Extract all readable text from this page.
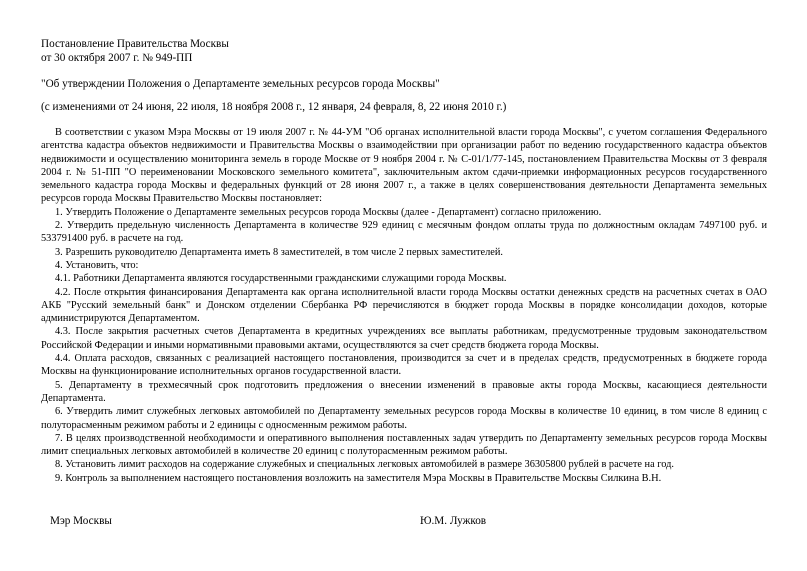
Постановление Правительства Москвы
от 30 октября 2007 г. № 949-ПП
"Об утверждении Положения о Департаменте земельных ресурсов города Москвы"
(с изменениями от 24 июня, 22 июля, 18 ноября 2008 г., 12 января, 24 февраля, 8, 22 июня 2010 г.)

В соответствии с указом Мэра Москвы от 19 июля 2007 г. № 44-УМ "Об органах исполнительной власти города Москвы", с учетом соглашения Федерального агентства кадастра объектов недвижимости и Правительства Москвы о взаимодействии при организации работ по ведению государственного кадастра объектов недвижимости и осуществлению мониторинга земель в городе Москве от 9 ноября 2004 г. № С-01/1/77-145, постановлением Правительства Москвы от 3 февраля 2004 г. № 51-ПП "О переименовании Московского земельного комитета", заключительным актом сдачи-приемки информационных ресурсов государственного земельного кадастра города Москвы и федеральных функций от 28 июня 2007 г., а также в целях совершенствования деятельности Департамента земельных ресурсов города Москвы Правительство Москвы постановляет:

1. Утвердить Положение о Департаменте земельных ресурсов города Москвы (далее - Департамент) согласно приложению.

2. Утвердить предельную численность Департамента в количестве 929 единиц с месячным фондом оплаты труда по должностным окладам 7497100 руб. и 533791400 руб. в расчете на год.

3. Разрешить руководителю Департамента иметь 8 заместителей, в том числе 2 первых заместителей.

4. Установить, что:

4.1. Работники Департамента являются государственными гражданскими служащими города Москвы.

4.2. После открытия финансирования Департамента как органа исполнительной власти города Москвы остатки денежных средств на расчетных счетах в ОАО АКБ "Русский земельный банк" и Донском отделении Сбербанка РФ перечисляются в бюджет города Москвы в порядке консолидации доходов, которые администрируются Департаментом.

4.3. После закрытия расчетных счетов Департамента в кредитных учреждениях все выплаты работникам, предусмотренные трудовым законодательством Российской Федерации и иными нормативными правовыми актами, осуществляются за счет средств бюджета города Москвы.

4.4. Оплата расходов, связанных с реализацией настоящего постановления, производится за счет и в пределах средств, предусмотренных в бюджете города Москвы на функционирование исполнительных органов государственной власти.

5. Департаменту в трехмесячный срок подготовить предложения о внесении изменений в правовые акты города Москвы, касающиеся деятельности Департамента.

6. Утвердить лимит служебных легковых автомобилей по Департаменту земельных ресурсов города Москвы в количестве 10 единиц, в том числе 8 единиц с полуторасменным режимом работы и 2 единицы с односменным режимом работы.

7. В целях производственной необходимости и оперативного выполнения поставленных задач утвердить по Департаменту земельных ресурсов города Москвы лимит специальных легковых автомобилей в количестве 20 единиц с полуторасменным режимом работы.

8. Установить лимит расходов на содержание служебных и специальных легковых автомобилей в размере 36305800 рублей в расчете на год.

9. Контроль за выполнением настоящего постановления возложить на заместителя Мэра Москвы в Правительстве Москвы Силкина В.Н.

Мэр Москвы	Ю.М. Лужков
